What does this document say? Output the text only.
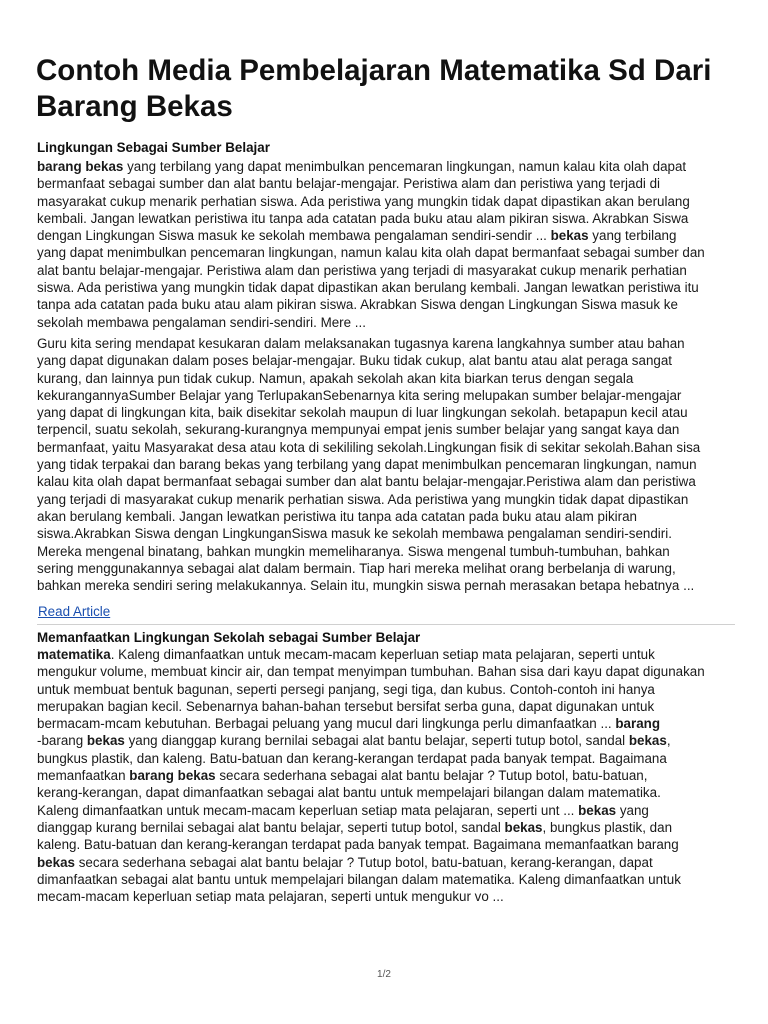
Contoh Media Pembelajaran Matematika Sd Dari Barang Bekas
Lingkungan Sebagai Sumber Belajar

barang bekas yang terbilang yang dapat menimbulkan pencemaran lingkungan, namun kalau kita olah dapat
bermanfaat sebagai sumber dan alat bantu belajar-mengajar. Peristiwa alam dan peristiwa yang terjadi di
masyarakat cukup menarik perhatian siswa. Ada peristiwa yang mungkin tidak dapat dipastikan akan berulang
kembali. Jangan lewatkan peristiwa itu tanpa ada catatan pada buku atau alam pikiran siswa. Akrabkan Siswa
dengan Lingkungan Siswa masuk ke sekolah membawa pengalaman sendiri-sendir ... bekas yang terbilang
yang dapat menimbulkan pencemaran lingkungan, namun kalau kita olah dapat bermanfaat sebagai sumber dan
alat bantu belajar-mengajar. Peristiwa alam dan peristiwa yang terjadi di masyarakat cukup menarik perhatian
siswa. Ada peristiwa yang mungkin tidak dapat dipastikan akan berulang kembali. Jangan lewatkan peristiwa itu
tanpa ada catatan pada buku atau alam pikiran siswa. Akrabkan Siswa dengan Lingkungan Siswa masuk ke
sekolah membawa pengalaman sendiri-sendiri. Mere ...

Guru kita sering mendapat kesukaran dalam melaksanakan tugasnya karena langkahnya sumber atau bahan
yang dapat digunakan dalam poses belajar-mengajar. Buku tidak cukup, alat bantu atau alat peraga sangat
kurang, dan lainnya pun tidak cukup. Namun, apakah sekolah akan kita biarkan terus dengan segala
kekurangannyaSumber Belajar yang TerlupakanSebenarnya kita sering melupakan sumber belajar-mengajar
yang dapat di lingkungan kita, baik disekitar sekolah maupun di luar lingkungan sekolah. betapapun kecil atau
terpencil, suatu sekolah, sekurang-kurangnya mempunyai empat jenis sumber belajar yang sangat kaya dan
bermanfaat, yaitu Masyarakat desa atau kota di sekililing sekolah.Lingkungan fisik di sekitar sekolah.Bahan sisa
yang tidak terpakai dan barang bekas yang terbilang yang dapat menimbulkan pencemaran lingkungan, namun
kalau kita olah dapat bermanfaat sebagai sumber dan alat bantu belajar-mengajar.Peristiwa alam dan peristiwa
yang terjadi di masyarakat cukup menarik perhatian siswa. Ada peristiwa yang mungkin tidak dapat dipastikan
akan berulang kembali. Jangan lewatkan peristiwa itu tanpa ada catatan pada buku atau alam pikiran
siswa.Akrabkan Siswa dengan LingkunganSiswa masuk ke sekolah membawa pengalaman sendiri-sendiri.
Mereka mengenal binatang, bahkan mungkin memeliharanya. Siswa mengenal tumbuh-tumbuhan, bahkan
sering menggunakannya sebagai alat dalam bermain. Tiap hari mereka melihat orang berbelanja di warung,
bahkan mereka sendiri sering melakukannya. Selain itu, mungkin siswa pernah merasakan betapa hebatnya ...

Read Article
Memanfaatkan Lingkungan Sekolah sebagai Sumber Belajar

matematika. Kaleng dimanfaatkan untuk mecam-macam keperluan setiap mata pelajaran, seperti untuk
mengukur volume, membuat kincir air, dan tempat menyimpan tumbuhan. Bahan sisa dari kayu dapat digunakan
untuk membuat bentuk bagunan, seperti persegi panjang, segi tiga, dan kubus. Contoh-contoh ini hanya
merupakan bagian kecil. Sebenarnya bahan-bahan tersebut bersifat serba guna, dapat digunakan untuk
bermacam-mcam kebutuhan. Berbagai peluang yang mucul dari lingkunga perlu dimanfaatkan ... barang
-barang bekas yang dianggap kurang bernilai sebagai alat bantu belajar, seperti tutup botol, sandal bekas,
bungkus plastik, dan kaleng. Batu-batuan dan kerang-kerangan terdapat pada banyak tempat. Bagaimana
memanfaatkan barang bekas secara sederhana sebagai alat bantu belajar ? Tutup botol, batu-batuan,
kerang-kerangan, dapat dimanfaatkan sebagai alat bantu untuk mempelajari bilangan dalam matematika.
Kaleng dimanfaatkan untuk mecam-macam keperluan setiap mata pelajaran, seperti unt ... bekas yang
dianggap kurang bernilai sebagai alat bantu belajar, seperti tutup botol, sandal bekas, bungkus plastik, dan
kaleng. Batu-batuan dan kerang-kerangan terdapat pada banyak tempat. Bagaimana memanfaatkan barang
bekas secara sederhana sebagai alat bantu belajar ? Tutup botol, batu-batuan, kerang-kerangan, dapat
dimanfaatkan sebagai alat bantu untuk mempelajari bilangan dalam matematika. Kaleng dimanfaatkan untuk
mecam-macam keperluan setiap mata pelajaran, seperti untuk mengukur vo ...

1/2
